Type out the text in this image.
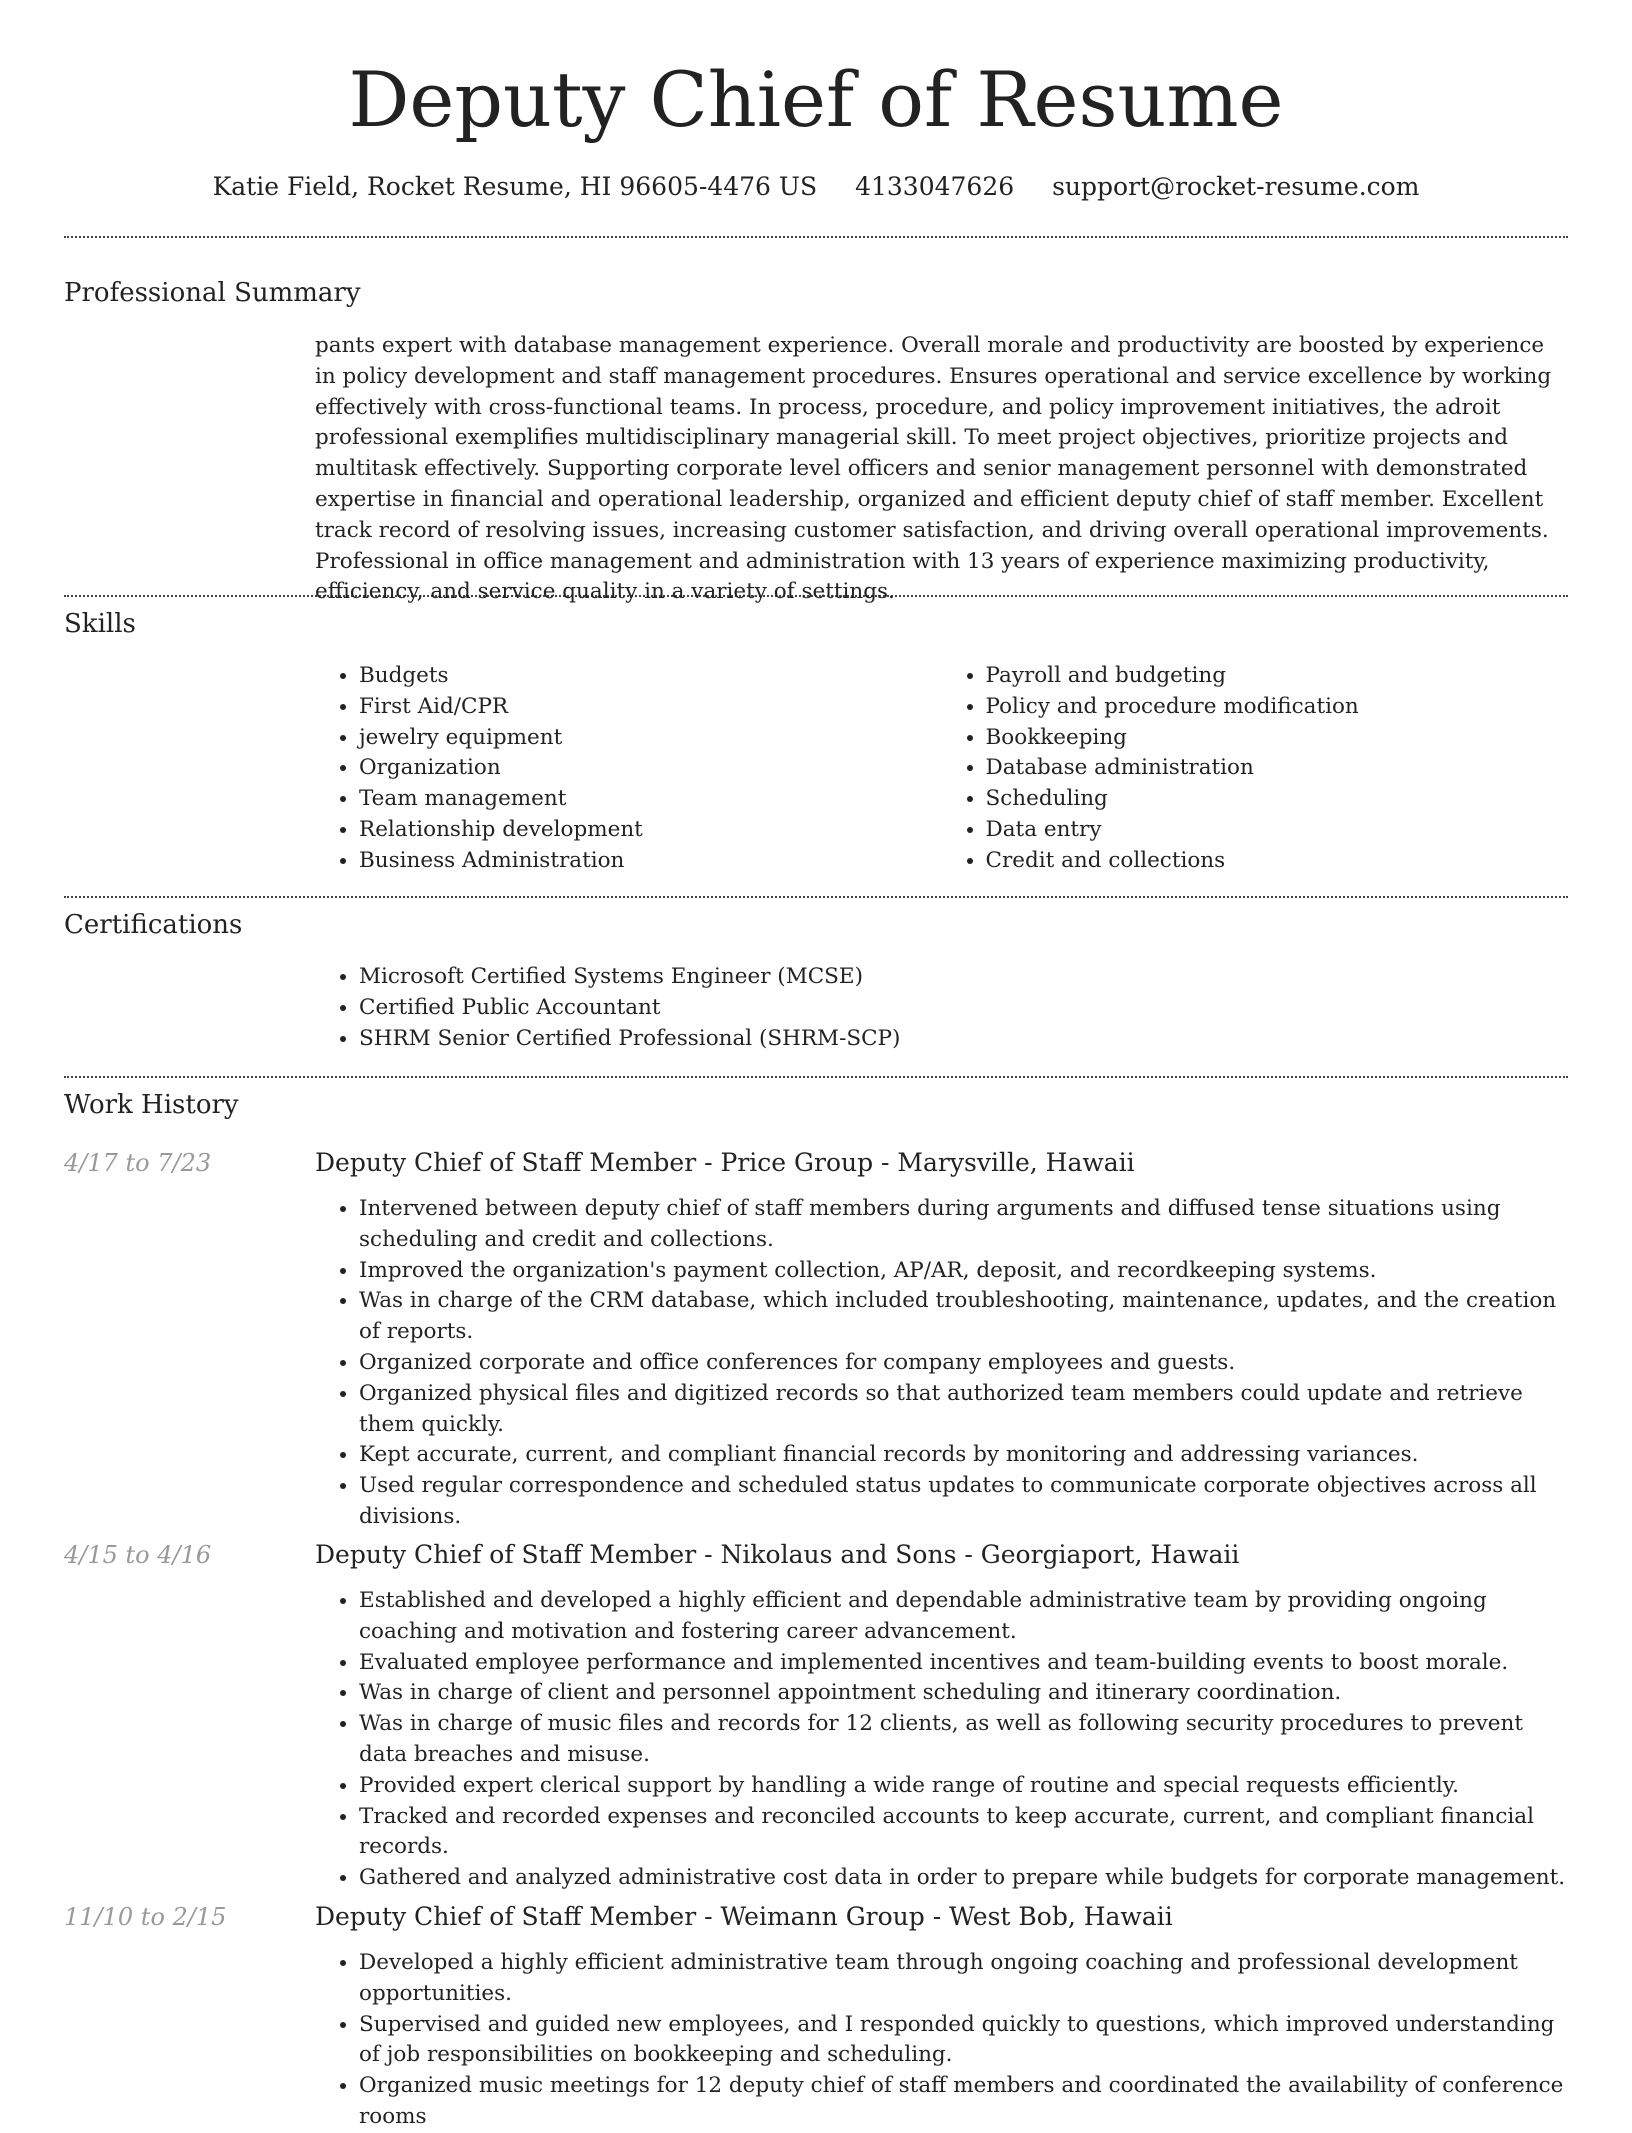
Deputy Chief of Resume
Katie Field, Rocket Resume, HI 96605-4476 US 4133047626 support@rocket-resume.com
Professional Summary
pants expert with database management experience. Overall morale and productivity are boosted by experience in policy development and staff management procedures. Ensures operational and service excellence by working effectively with cross-functional teams. In process, procedure, and policy improvement initiatives, the adroit professional exemplifies multidisciplinary managerial skill. To meet project objectives, prioritize projects and multitask effectively. Supporting corporate level officers and senior management personnel with demonstrated expertise in financial and operational leadership, organized and efficient deputy chief of staff member. Excellent track record of resolving issues, increasing customer satisfaction, and driving overall operational improvements. Professional in office management and administration with 13 years of experience maximizing productivity, efficiency, and service quality in a variety of settings.
Skills
• Budgets
• First Aid/CPR
• jewelry equipment
• Organization
• Team management
• Relationship development
• Business Administration
• Payroll and budgeting
• Policy and procedure modification
• Bookkeeping
• Database administration
• Scheduling
• Data entry
• Credit and collections
Certifications
• Microsoft Certified Systems Engineer (MCSE)
• Certified Public Accountant
• SHRM Senior Certified Professional (SHRM-SCP)
Work History
4/17 to 7/23	Deputy Chief of Staff Member - Price Group - Marysville, Hawaii
• Intervened between deputy chief of staff members during arguments and diffused tense situations using scheduling and credit and collections.
• Improved the organization's payment collection, AP/AR, deposit, and recordkeeping systems.
• Was in charge of the CRM database, which included troubleshooting, maintenance, updates, and the creation of reports.
• Organized corporate and office conferences for company employees and guests.
• Organized physical files and digitized records so that authorized team members could update and retrieve them quickly.
• Kept accurate, current, and compliant financial records by monitoring and addressing variances.
• Used regular correspondence and scheduled status updates to communicate corporate objectives across all divisions.
4/15 to 4/16	Deputy Chief of Staff Member - Nikolaus and Sons - Georgiaport, Hawaii
• Established and developed a highly efficient and dependable administrative team by providing ongoing coaching and motivation and fostering career advancement.
• Evaluated employee performance and implemented incentives and team-building events to boost morale.
• Was in charge of client and personnel appointment scheduling and itinerary coordination.
• Was in charge of music files and records for 12 clients, as well as following security procedures to prevent data breaches and misuse.
• Provided expert clerical support by handling a wide range of routine and special requests efficiently.
• Tracked and recorded expenses and reconciled accounts to keep accurate, current, and compliant financial records.
• Gathered and analyzed administrative cost data in order to prepare while budgets for corporate management.
11/10 to 2/15	Deputy Chief of Staff Member - Weimann Group - West Bob, Hawaii
• Developed a highly efficient administrative team through ongoing coaching and professional development opportunities.
• Supervised and guided new employees, and I responded quickly to questions, which improved understanding of job responsibilities on bookkeeping and scheduling.
• Organized music meetings for 12 deputy chief of staff members and coordinated the availability of conference rooms
